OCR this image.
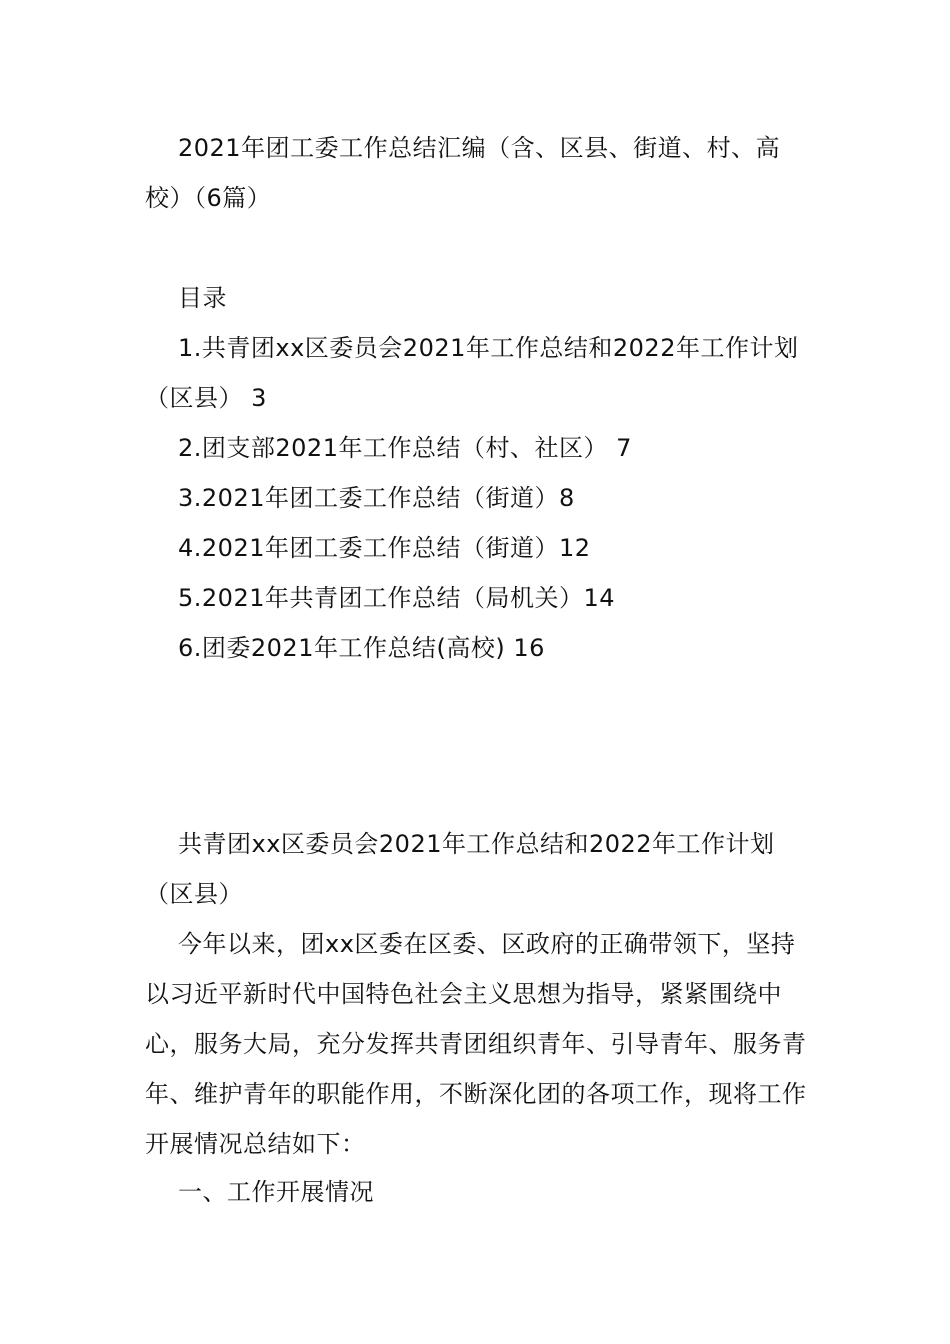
2021年团工委工作总结汇编（含、区县、街道、村、高校）（6篇）

目录

1.共青团xx区委员会2021年工作总结和2022年工作计划（区县） 3

2.团支部2021年工作总结（村、社区） 7

3.2021年团工委工作总结（街道）8

4.2021年团工委工作总结（街道）12

5.2021年共青团工作总结（局机关）14

6.团委2021年工作总结(高校) 16

共青团xx区委员会2021年工作总结和2022年工作计划（区县）

今年以来，团xx区委在区委、区政府的正确带领下，坚持以习近平新时代中国特色社会主义思想为指导，紧紧围绕中心，服务大局，充分发挥共青团组织青年、引导青年、服务青年、维护青年的职能作用，不断深化团的各项工作，现将工作开展情况总结如下：

一、工作开展情况
